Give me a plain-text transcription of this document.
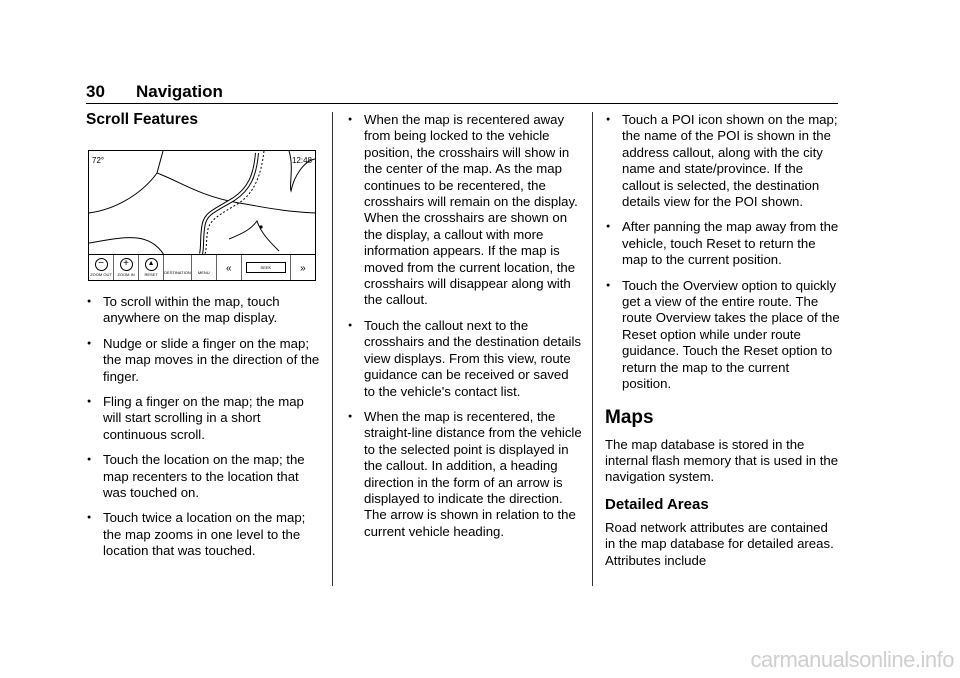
30 Navigation
Scroll Features
72°	12:48
−
ZOOM OUT
+
ZOOM IN
▲
RESET	DESTINATION	MENU	«	SEEK	»
● To scroll within the map, touch anywhere on the map display.
● Nudge or slide a finger on the map; the map moves in the direction of the finger.
● Fling a finger on the map; the map will start scrolling in a short continuous scroll.
● Touch the location on the map; the map recenters to the location that was touched on.
● Touch twice a location on the map; the map zooms in one level to the location that was touched.
● When the map is recentered away from being locked to the vehicle position, the crosshairs will show in the center of the map. As the map continues to be recentered, the crosshairs will remain on the display. When the crosshairs are shown on the display, a callout with more information appears. If the map is moved from the current location, the crosshairs will disappear along with the callout.
● Touch the callout next to the crosshairs and the destination details view displays. From this view, route guidance can be received or saved to the vehicle's contact list.
● When the map is recentered, the straight-line distance from the vehicle to the selected point is displayed in the callout. In addition, a heading direction in the form of an arrow is displayed to indicate the direction. The arrow is shown in relation to the current vehicle heading.
● Touch a POI icon shown on the map; the name of the POI is shown in the address callout, along with the city name and state/province. If the callout is selected, the destination details view for the POI shown.
● After panning the map away from the vehicle, touch Reset to return the map to the current position.
● Touch the Overview option to quickly get a view of the entire route. The route Overview takes the place of the Reset option while under route guidance. Touch the Reset option to return the map to the current position.
Maps

The map database is stored in the internal flash memory that is used in the navigation system.

Detailed Areas

Road network attributes are contained in the map database for detailed areas. Attributes include

carmanualsonline.info
